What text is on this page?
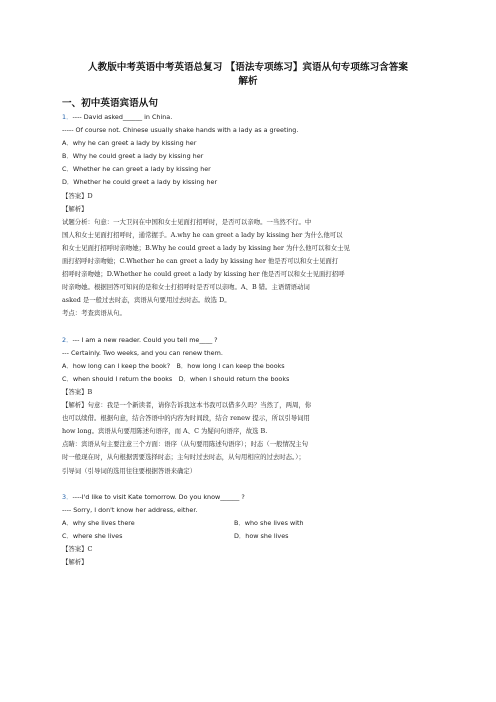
人教版中考英语中考英语总复习 【语法专项练习】宾语从句专项练习含答案
解析
一、初中英语宾语从句
1．---- David asked______ in China.
----- Of course not. Chinese usually shake hands with a lady as a greeting.
A．why he can greet a lady by kissing her
B．Why he could greet a lady by kissing her
C．Whether he can greet a lady by kissing her
D．Whether he could greet a lady by kissing her
【答案】D
【解析】
试题分析：句意：一大卫问在中国和女士见面打招呼时，是否可以亲吻。一当然不行。中
国人和女士见面打招呼时，通常握手。A.why he can greet a lady by kissing her 为什么他可以
和女士见面打招呼时亲吻她；B.Why he could greet a lady by kissing her 为什么他可以和女士见
面打招呼时亲吻她；C.Whether he can greet a lady by kissing her 他是否可以和女士见面打
招呼时亲吻她；D.Whether he could greet a lady by kissing her 他是否可以和女士见面打招呼
时亲吻她。根据回答可知问的是和女士打招呼时是否可以亲吻。A、B 错。主语谓语动词
asked 是一般过去时态，宾语从句要用过去时态。故选 D。
考点：考查宾语从句。
2．--- I am a new reader. Could you tell me____ ?
--- Certainly. Two weeks, and you can renew them.
A．how long can I keep the book?　B．how long I can keep the books
C．when should I return the books　D．when I should return the books
【答案】B
【解析】句意：我是一个新读者，请你告诉我这本书我可以借多久吗？当然了，两周，你
也可以续借。根据句意，结合答语中的内容为时间段，结合 renew 提示，所以引导词用
how long。宾语从句要用陈述句语序，而 A、C 为疑问句语序，故选 B.
点睛：宾语从句主要注意三个方面：语序（从句要用陈述句语序）；时态（一般情况主句
时一般现在时，从句根据需要选择时态；主句时过去时态，从句用相应的过去时态。）；
引导词（引导词的选用往往要根据答语来确定）
3．----I'd like to visit Kate tomorrow. Do you know______ ?
---- Sorry, I don't know her address, either.
A．why she lives there	B．who she lives with
C．where she lives	D．how she lives
【答案】C
【解析】
